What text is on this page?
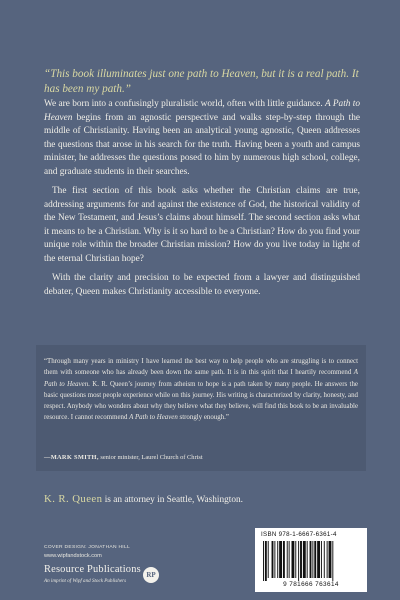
“This book illuminates just one path to Heaven, but it is a real path. It has been my path.”

We are born into a confusingly pluralistic world, often with little guidance. A Path to Heaven begins from an agnostic perspective and walks step-by-step through the middle of Christianity. Having been an analytical young agnostic, Queen addresses the questions that arose in his search for the truth. Having been a youth and campus minister, he addresses the questions posed to him by numerous high school, college, and graduate students in their searches.

The first section of this book asks whether the Christian claims are true, addressing arguments for and against the existence of God, the historical validity of the New Testament, and Jesus’s claims about himself. The second section asks what it means to be a Christian. Why is it so hard to be a Christian? How do you find your unique role within the broader Christian mission? How do you live today in light of the eternal Christian hope?

With the clarity and precision to be expected from a lawyer and distinguished debater, Queen makes Christianity accessible to everyone.

“Through many years in ministry I have learned the best way to help people who are struggling is to connect them with someone who has already been down the same path. It is in this spirit that I heartily recommend A Path to Heaven. K. R. Queen’s journey from atheism to hope is a path taken by many people. He answers the basic questions most people experience while on this journey. His writing is characterized by clarity, honesty, and respect. Anybody who wonders about why they believe what they believe, will find this book to be an invaluable resource. I cannot recommend A Path to Heaven strongly enough.”
—MARK SMITH, senior minister, Laurel Church of Christ
K. R. Queen is an attorney in Seattle, Washington.
COVER DESIGN: JONATHAN HILL
www.wipfandstock.com
Resource Publications
An imprint of Wipf and Stock Publishers
RP
ISBN 978-1-6667-6361-4
9 781666 763614
